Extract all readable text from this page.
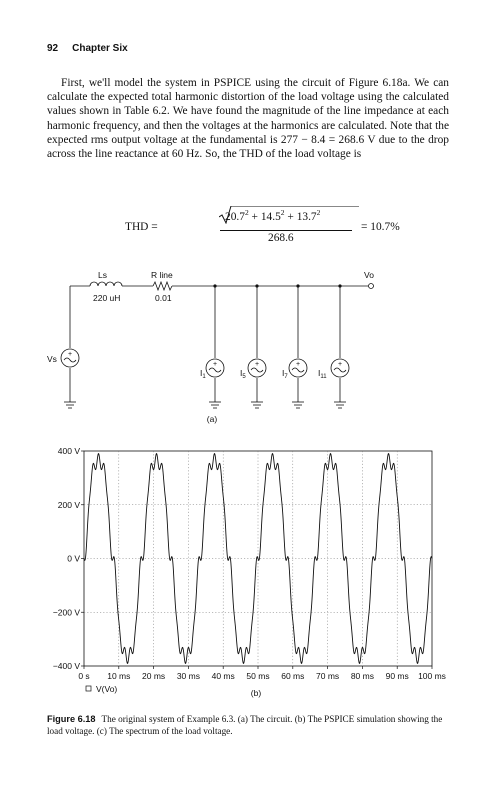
92 Chapter Six

First, we'll model the system in PSPICE using the circuit of Figure 6.18a. We can calculate the expected total harmonic distortion of the load voltage using the calculated values shown in Table 6.2. We have found the magnitude of the line impedance at each harmonic frequency, and then the voltages at the harmonics are calculated. Note that the expected rms output voltage at the fundamental is 277 − 8.4 = 268.6 V due to the drop across the line reactance at 60 Hz. So, the THD of the load voltage is

THD =
$20.7^2 + 14.5^2 + 13.7^2$
268.6
= 10.7%
+
+	+	+	+
Ls
220 uH
R line
0.01
Vo
Vs
$I_1$	$I_5$	$I_7$	$I_{11}$
(a)
0 s 10 ms 20 ms 30 ms 40 ms 50 ms 60 ms 70 ms 80 ms 90 ms 100 ms
400 V
200 V
0 V
−200 V
−400 V
V(Vo)	(b)
Figure 6.18 The original system of Example 6.3. (a) The circuit. (b) The PSPICE simulation showing the load voltage. (c) The spectrum of the load voltage.
